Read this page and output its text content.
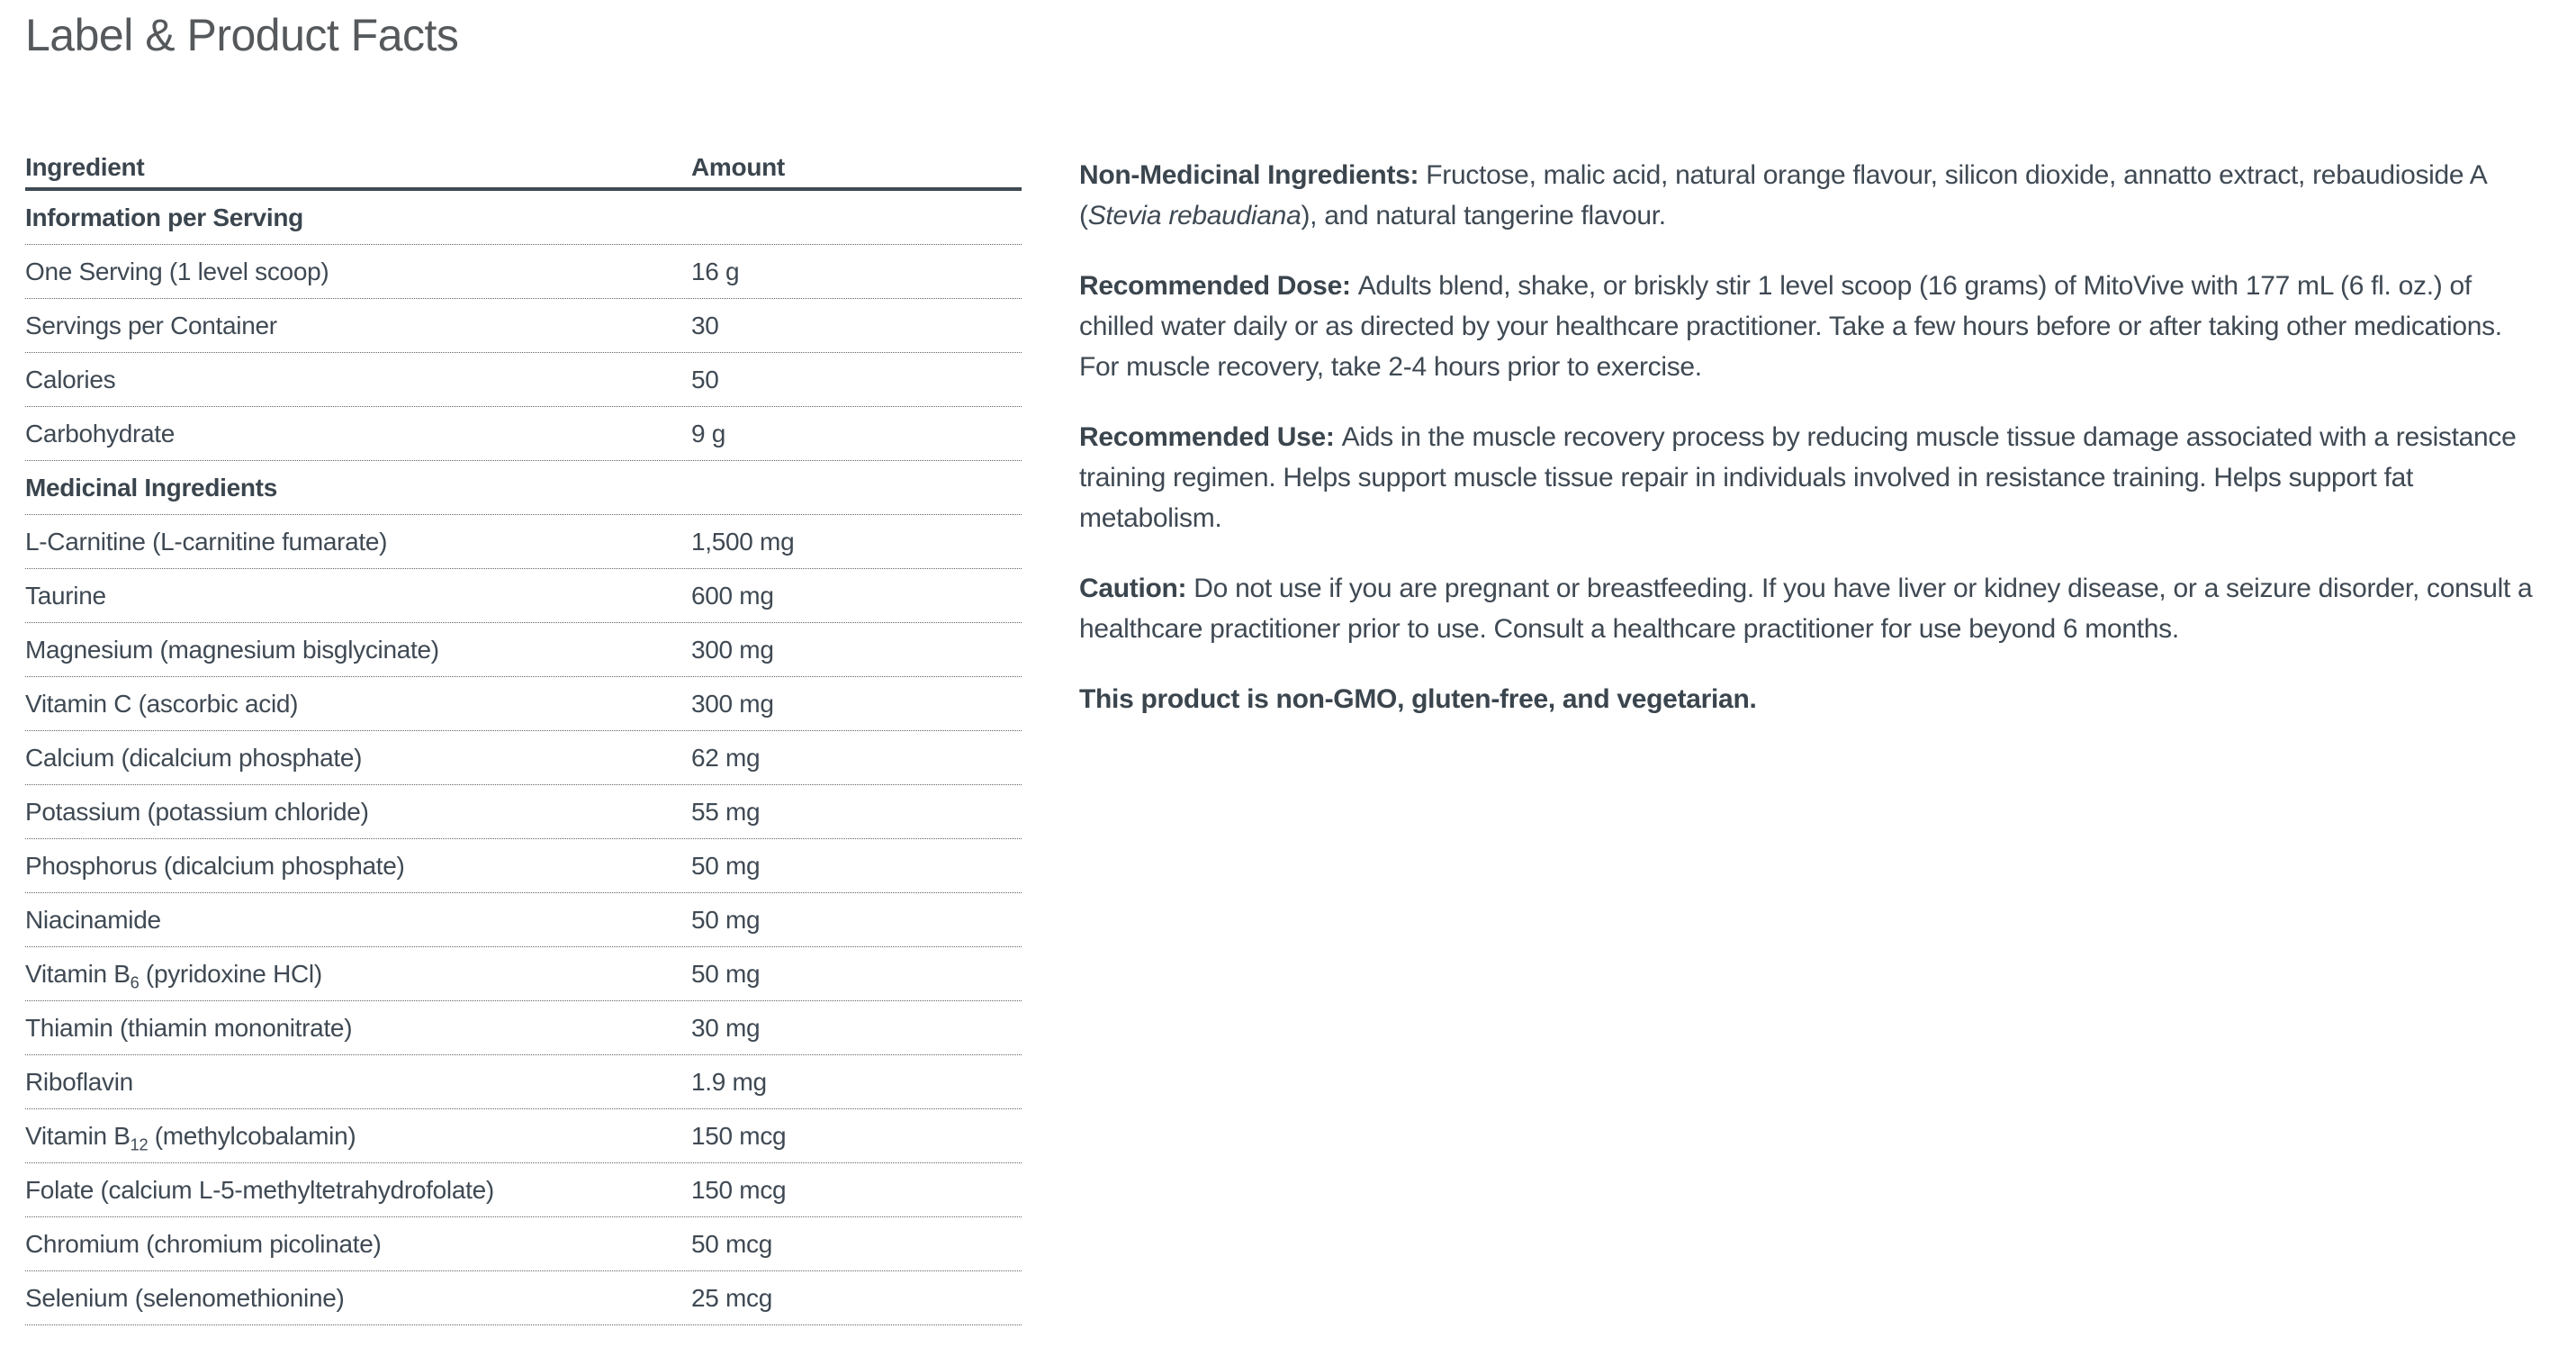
Label & Product Facts
Ingredient	Amount
Information per Serving
One Serving (1 level scoop)	16 g
Servings per Container	30
Calories	50
Carbohydrate	9 g
Medicinal Ingredients
L-Carnitine (L-carnitine fumarate)	1,500 mg
Taurine	600 mg
Magnesium (magnesium bisglycinate)	300 mg
Vitamin C (ascorbic acid)	300 mg
Calcium (dicalcium phosphate)	62 mg
Potassium (potassium chloride)	55 mg
Phosphorus (dicalcium phosphate)	50 mg
Niacinamide	50 mg
Vitamin $B_6$ (pyridoxine HCl)	50 mg
Thiamin (thiamin mononitrate)	30 mg
Riboflavin	1.9 mg
Vitamin $B_{12}$ (methylcobalamin)	150 mcg
Folate (calcium L-5-methyltetrahydrofolate)	150 mcg
Chromium (chromium picolinate)	50 mcg
Selenium (selenomethionine)	25 mcg

Non-Medicinal Ingredients: Fructose, malic acid, natural orange flavour, silicon dioxide, annatto extract, rebaudioside A (Stevia rebaudiana), and natural tangerine flavour.

Recommended Dose: Adults blend, shake, or briskly stir 1 level scoop (16 grams) of MitoVive with 177 mL (6 fl. oz.) of chilled water daily or as directed by your healthcare practitioner. Take a few hours before or after taking other medications. For muscle recovery, take 2-4 hours prior to exercise.

Recommended Use: Aids in the muscle recovery process by reducing muscle tissue damage associated with a resistance training regimen. Helps support muscle tissue repair in individuals involved in resistance training. Helps support fat metabolism.

Caution: Do not use if you are pregnant or breastfeeding. If you have liver or kidney disease, or a seizure disorder, consult a healthcare practitioner prior to use. Consult a healthcare practitioner for use beyond 6 months.

This product is non-GMO, gluten-free, and vegetarian.
